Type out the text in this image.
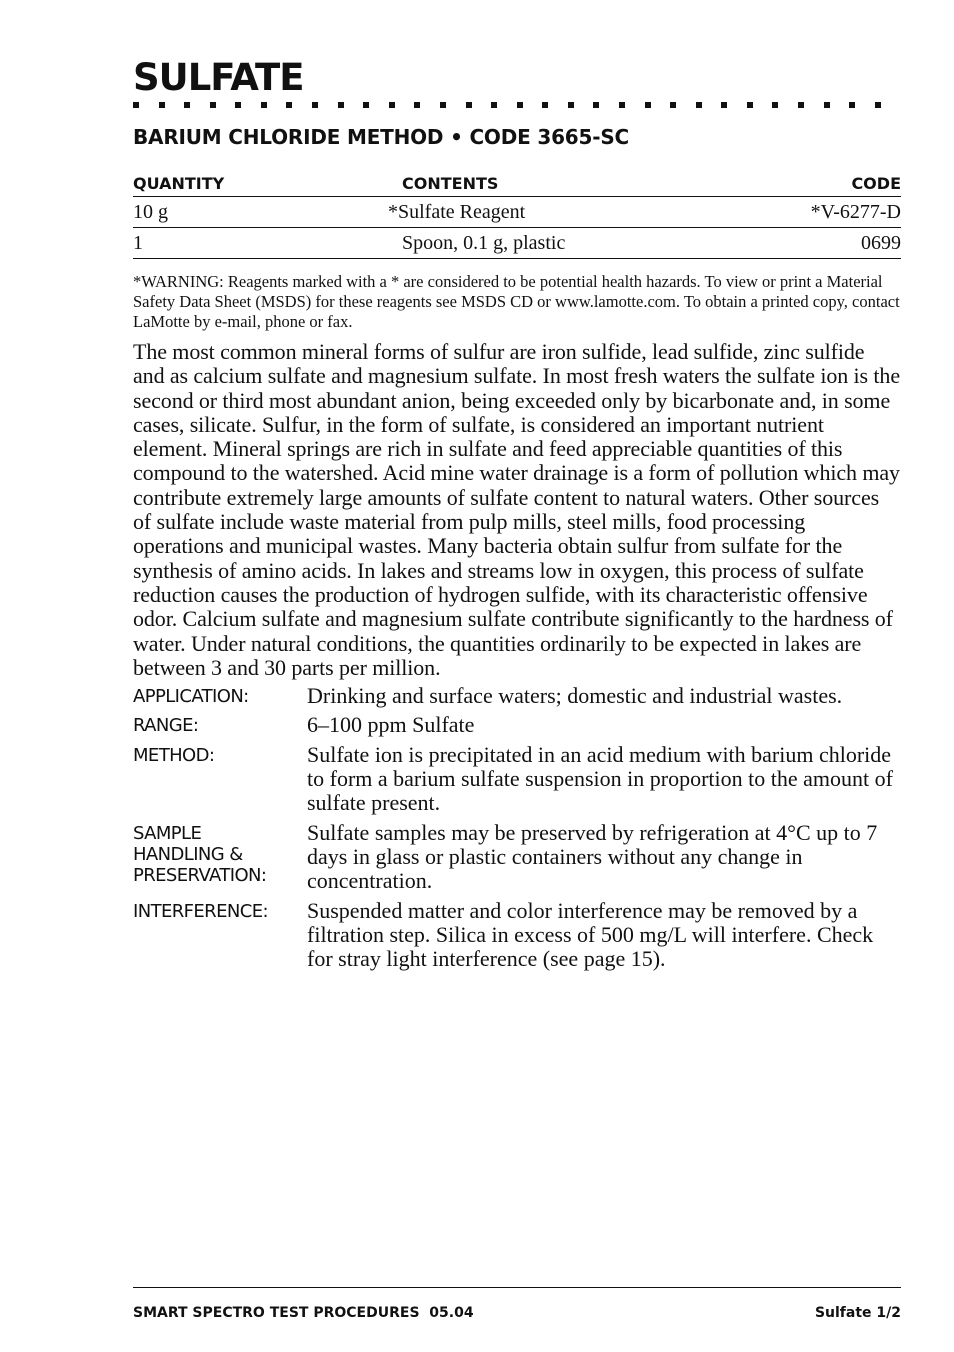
SULFATE
BARIUM CHLORIDE METHOD • CODE 3665-SC
QUANTITY	CONTENTS	CODE
10 g	*Sulfate Reagent	*V-6277-D
1	Spoon, 0.1 g, plastic	0699

*WARNING: Reagents marked with a * are considered to be potential health hazards. To view or print a Material Safety Data Sheet (MSDS) for these reagents see MSDS CD or www.lamotte.com. To obtain a printed copy, contact LaMotte by e-mail, phone or fax.

The most common mineral forms of sulfur are iron sulfide, lead sulfide, zinc sulfide and as calcium sulfate and magnesium sulfate. In most fresh waters the sulfate ion is the second or third most abundant anion, being exceeded only by bicarbonate and, in some cases, silicate. Sulfur, in the form of sulfate, is considered an important nutrient element. Mineral springs are rich in sulfate and feed appreciable quantities of this compound to the watershed. Acid mine water drainage is a form of pollution which may contribute extremely large amounts of sulfate content to natural waters. Other sources of sulfate include waste material from pulp mills, steel mills, food processing operations and municipal wastes. Many bacteria obtain sulfur from sulfate for the synthesis of amino acids. In lakes and streams low in oxygen, this process of sulfate reduction causes the production of hydrogen sulfide, with its characteristic offensive odor. Calcium sulfate and magnesium sulfate contribute significantly to the hardness of water. Under natural conditions, the quantities ordinarily to be expected in lakes are between 3 and 30 parts per million.

APPLICATION:	Drinking and surface waters; domestic and industrial wastes.
RANGE:	6–100 ppm Sulfate
METHOD:	Sulfate ion is precipitated in an acid medium with barium chloride to form a barium sulfate suspension in proportion to the amount of sulfate present.
SAMPLE
HANDLING &
PRESERVATION:
Sulfate samples may be preserved by refrigeration at 4°C up to 7 days in glass or plastic containers without any change in concentration.
INTERFERENCE:	Suspended matter and color interference may be removed by a filtration step. Silica in excess of 500 mg/L will interfere. Check for stray light interference (see page 15).
SMART SPECTRO TEST PROCEDURES  05.04	Sulfate 1/2
